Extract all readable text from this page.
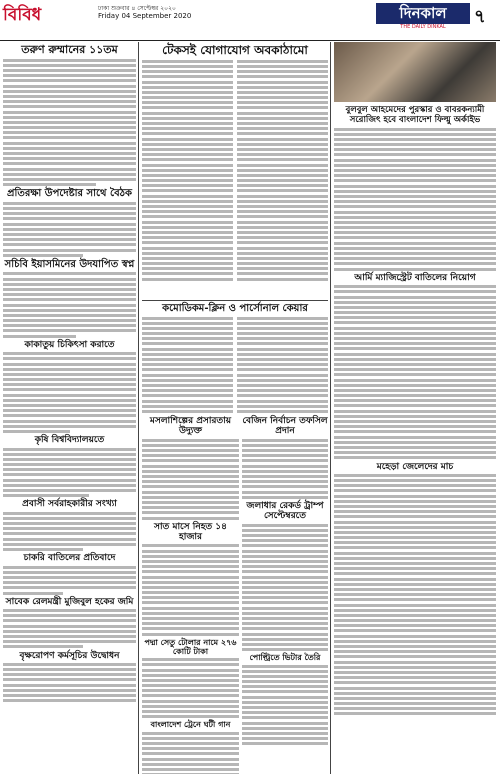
বিবিধ	ঢাকা শুক্রবার ৪ সেপ্টেম্বর ২০২০
Friday 04 September 2020	দিনকাল
THE DAILY DINKAL	৭
তরুণ রুম্মানের ১১তম
প্রতিরক্ষা উপদেষ্টার সাথে বৈঠক
সচিবি ইয়াসমিনের উদযাপিত স্বপ্ন
কাকাতুয় চিকিৎসা করাতে
কৃষি বিশ্ববিদ্যালয়তে
প্রবাসী সর্বরাহকারীর সংখ্যা
চাকরি বাতিলের প্রতিবাদে
সাবেক রেলমন্ত্রী মুজিবুল হকের জমি
বৃক্ষরোপণ কর্মসূচির উদ্বোধন
টেকসই যোগাযোগ অবকাঠামো
কমোডিকম-ক্লিন ও পার্সোনাল কেয়ার
মসলাশিল্পের প্রসারতায় উদ্যুক্ত
সাত মাসে নিহত ১৪ হাজার
পদ্মা সেতু টোলার নামে ২৭৬ কোটি টাকা
বাংলাদেশ ট্রেনে ঘটী গান
বেজিন নির্বাচন তফসিল প্রদান
জলাধার রেকর্ড ট্রাম্প সেপ্টেম্বরতে
পোল্ট্রিতে ভিটার তৈরি
বুলবুল আহমেদের পুরস্কার ও বাবরকন্যামী সরোজিৎ হবে বাংলাদেশ ফিল্মু অর্কাইভ
আর্মি ম্যাজিস্ট্রেট বাতিলের নিয়োগ
মহেড়া জেলেদের মাচ
